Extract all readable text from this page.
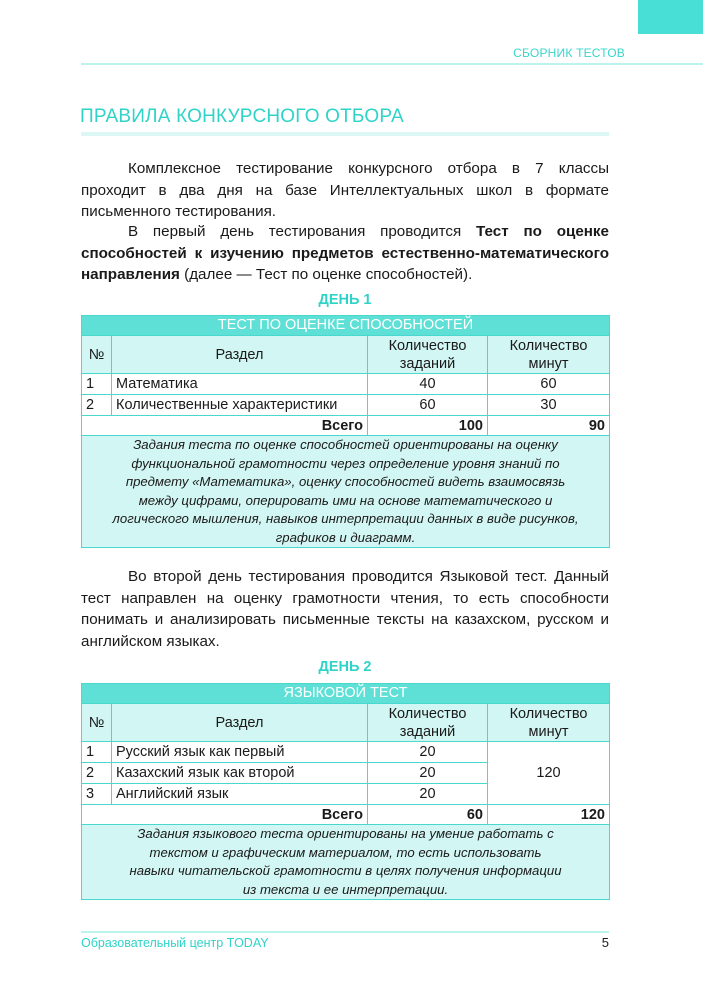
СБОРНИК ТЕСТОВ
ПРАВИЛА КОНКУРСНОГО ОТБОРА
Комплексное тестирование конкурсного отбора в 7 классы проходит в два дня на базе Интеллектуальных школ в формате письменного тестирования.
В первый день тестирования проводится Тест по оценке способностей к изучению предметов естественно-математического направления (далее — Тест по оценке способностей).
ДЕНЬ 1
ТЕСТ ПО ОЦЕНКЕ СПОСОБНОСТЕЙ			
№	Раздел	Количество заданий	Количество минут
1	Математика	40	60
2	Количественные характеристики	60	30
Всего		100	90

Задания теста по оценке способностей ориентированы на оценку функциональной грамотности через определение уровня знаний по предмету «Математика», оценку способностей видеть взаимосвязь между цифрами, оперировать ими на основе математического и логического мышления, навыков интерпретации данных в виде рисунков, графиков и диаграмм.			
Во второй день тестирования проводится Языковой тест. Данный тест направлен на оценку грамотности чтения, то есть способности понимать и анализировать письменные тексты на казахском, русском и английском языках.
ДЕНЬ 2
ЯЗЫКОВОЙ ТЕСТ			
№	Раздел	Количество заданий	Количество минут
1	Русский язык как первый	20	120
2	Казахский язык как второй	20	
3	Английский язык	20	
Всего		60	120

Задания языкового теста ориентированы на умение работать с текстом и графическим материалом, то есть использовать навыки читательской грамотности в целях получения информации из текста и ее интерпретации.			
Образовательный центр TODAY	5
